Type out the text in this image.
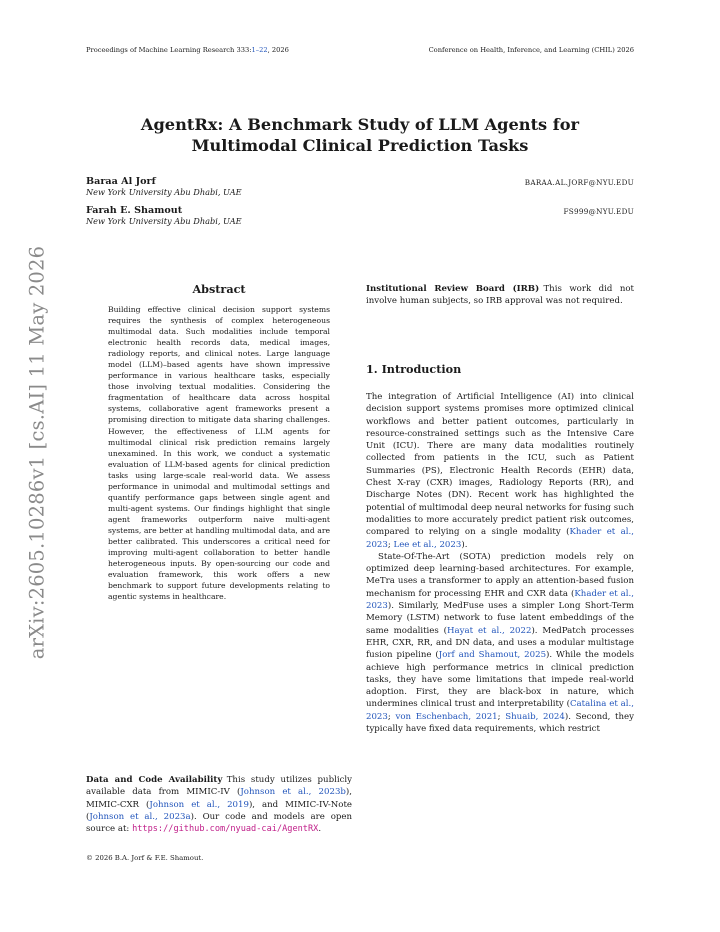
Proceedings of Machine Learning Research 333:1–22, 2026	Conference on Health, Inference, and Learning (CHIL) 2026
arXiv:2605.10286v1 [cs.AI] 11 May 2026
AgentRx: A Benchmark Study of LLM Agents for Multimodal Clinical Prediction Tasks
Baraa Al Jorf
New York University Abu Dhabi, UAE
BARAA.AL.JORF@NYU.EDU
Farah E. Shamout
New York University Abu Dhabi, UAE
FS999@NYU.EDU
Abstract

Building effective clinical decision support systems requires the synthesis of complex heterogeneous multimodal data. Such modalities include temporal electronic health records data, medical images, radiology reports, and clinical notes. Large language model (LLM)–based agents have shown impressive performance in various healthcare tasks, especially those involving textual modalities. Considering the fragmentation of healthcare data across hospital systems, collaborative agent frameworks present a promising direction to mitigate data sharing challenges. However, the effectiveness of LLM agents for multimodal clinical risk prediction remains largely unexamined. In this work, we conduct a systematic evaluation of LLM-based agents for clinical prediction tasks using large-scale real-world data. We assess performance in unimodal and multimodal settings and quantify performance gaps between single agent and multi-agent systems. Our findings highlight that single agent frameworks outperform naive multi-agent systems, are better at handling multimodal data, and are better calibrated. This underscores a critical need for improving multi-agent collaboration to better handle heterogeneous inputs. By open-sourcing our code and evaluation framework, this work offers a new benchmark to support future developments relating to agentic systems in healthcare.

Data and Code Availability  This study utilizes publicly available data from MIMIC-IV (Johnson et al., 2023b), MIMIC-CXR (Johnson et al., 2019), and MIMIC-IV-Note (Johnson et al., 2023a). Our code and models are open source at: https://github.com/nyuad-cai/AgentRX.

© 2026 B.A. Jorf & F.E. Shamout.

Institutional Review Board (IRB)  This work did not involve human subjects, so IRB approval was not required.

1. Introduction

The integration of Artificial Intelligence (AI) into clinical decision support systems promises more optimized clinical workflows and better patient outcomes, particularly in resource-constrained settings such as the Intensive Care Unit (ICU). There are many data modalities routinely collected from patients in the ICU, such as Patient Summaries (PS), Electronic Health Records (EHR) data, Chest X-ray (CXR) images, Radiology Reports (RR), and Discharge Notes (DN). Recent work has highlighted the potential of multimodal deep neural networks for fusing such modalities to more accurately predict patient risk outcomes, compared to relying on a single modality (Khader et al., 2023; Lee et al., 2023).

State-Of-The-Art (SOTA) prediction models rely on optimized deep learning-based architectures. For example, MeTra uses a transformer to apply an attention-based fusion mechanism for processing EHR and CXR data (Khader et al., 2023). Similarly, MedFuse uses a simpler Long Short-Term Memory (LSTM) network to fuse latent embeddings of the same modalities (Hayat et al., 2022). MedPatch processes EHR, CXR, RR, and DN data, and uses a modular multistage fusion pipeline (Jorf and Shamout, 2025). While the models achieve high performance metrics in clinical prediction tasks, they have some limitations that impede real-world adoption. First, they are black-box in nature, which undermines clinical trust and interpretability (Catalina et al., 2023; von Eschenbach, 2021; Shuaib, 2024). Second, they typically have fixed data requirements, which restrict
